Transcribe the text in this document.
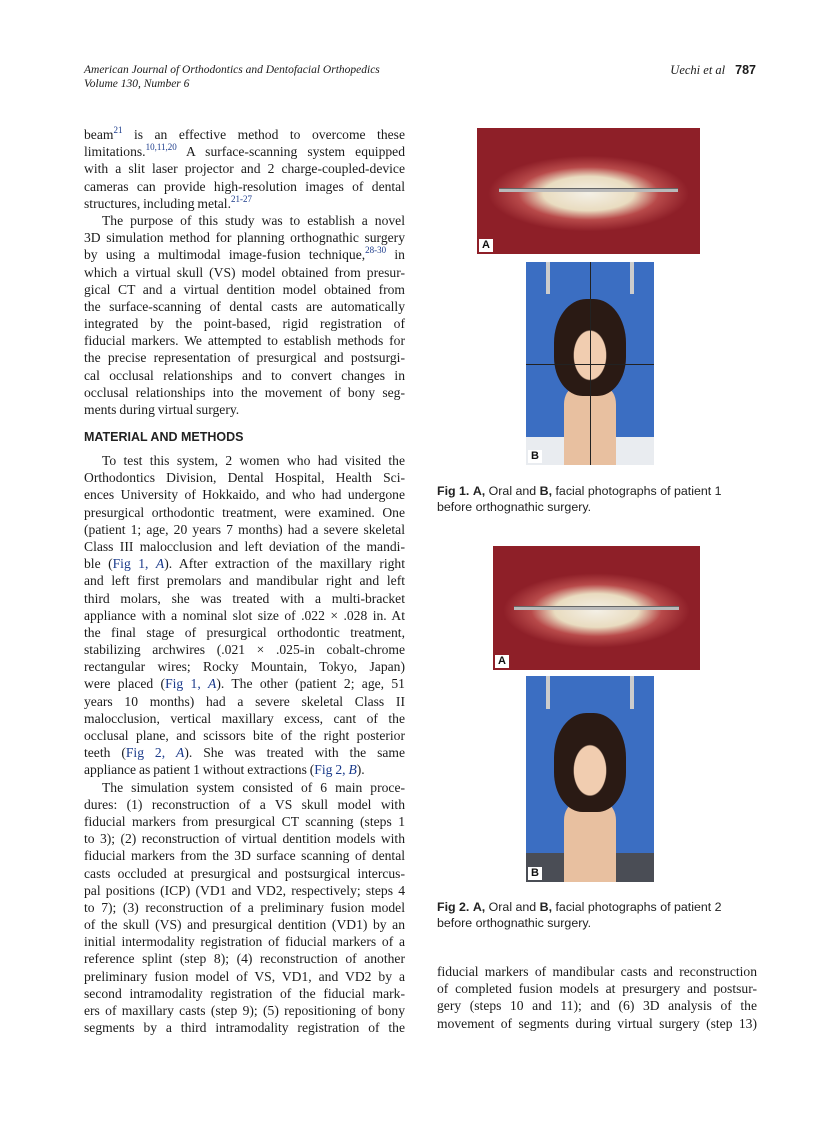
American Journal of Orthodontics and Dentofacial Orthopedics
Volume 130, Number 6
Uechi et al 787
beam$^{21}$ is an effective method to overcome these
limitations.$^{10,11,20}$ A surface-scanning system equipped
with a slit laser projector and 2 charge-coupled-device
cameras can provide high-resolution images of dental
structures, including metal.$^{21-27}$
The purpose of this study was to establish a novel
3D simulation method for planning orthognathic surgery
by using a multimodal image-fusion technique,$^{28-30}$ in
which a virtual skull (VS) model obtained from presur-
gical CT and a virtual dentition model obtained from
the surface-scanning of dental casts are automatically
integrated by the point-based, rigid registration of
fiducial markers. We attempted to establish methods for
the precise representation of presurgical and postsurgi-
cal occlusal relationships and to convert changes in
occlusal relationships into the movement of bony seg-
ments during virtual surgery.
MATERIAL AND METHODS
To test this system, 2 women who had visited the
Orthodontics Division, Dental Hospital, Health Sci-
ences University of Hokkaido, and who had undergone
presurgical orthodontic treatment, were examined. One
(patient 1; age, 20 years 7 months) had a severe skeletal
Class III malocclusion and left deviation of the mandi-
ble (Fig 1, A). After extraction of the maxillary right
and left first premolars and mandibular right and left
third molars, she was treated with a multi-bracket
appliance with a nominal slot size of .022 × .028 in. At
the final stage of presurgical orthodontic treatment,
stabilizing archwires (.021 × .025-in cobalt-chrome
rectangular wires; Rocky Mountain, Tokyo, Japan)
were placed (Fig 1, A). The other (patient 2; age, 51
years 10 months) had a severe skeletal Class II
malocclusion, vertical maxillary excess, cant of the
occlusal plane, and scissors bite of the right posterior
teeth (Fig 2, A). She was treated with the same
appliance as patient 1 without extractions (Fig 2, B).
The simulation system consisted of 6 main proce-
dures: (1) reconstruction of a VS skull model with
fiducial markers from presurgical CT scanning (steps 1
to 3); (2) reconstruction of virtual dentition models with
fiducial markers from the 3D surface scanning of dental
casts occluded at presurgical and postsurgical intercus-
pal positions (ICP) (VD1 and VD2, respectively; steps 4
to 7); (3) reconstruction of a preliminary fusion model
of the skull (VS) and presurgical dentition (VD1) by an
initial intermodality registration of fiducial markers of a
reference splint (step 8); (4) reconstruction of another
preliminary fusion model of VS, VD1, and VD2 by a
second intramodality registration of the fiducial mark-
ers of maxillary casts (step 9); (5) repositioning of bony
segments by a third intramodality registration of the
fiducial markers of mandibular casts and reconstruction
of completed fusion models at presurgery and postsur-
gery (steps 10 and 11); and (6) 3D analysis of the
movement of segments during virtual surgery (step 13)
A
B
Fig 1. A, Oral and B, facial photographs of patient 1
before orthognathic surgery.
A
B
Fig 2. A, Oral and B, facial photographs of patient 2
before orthognathic surgery.
